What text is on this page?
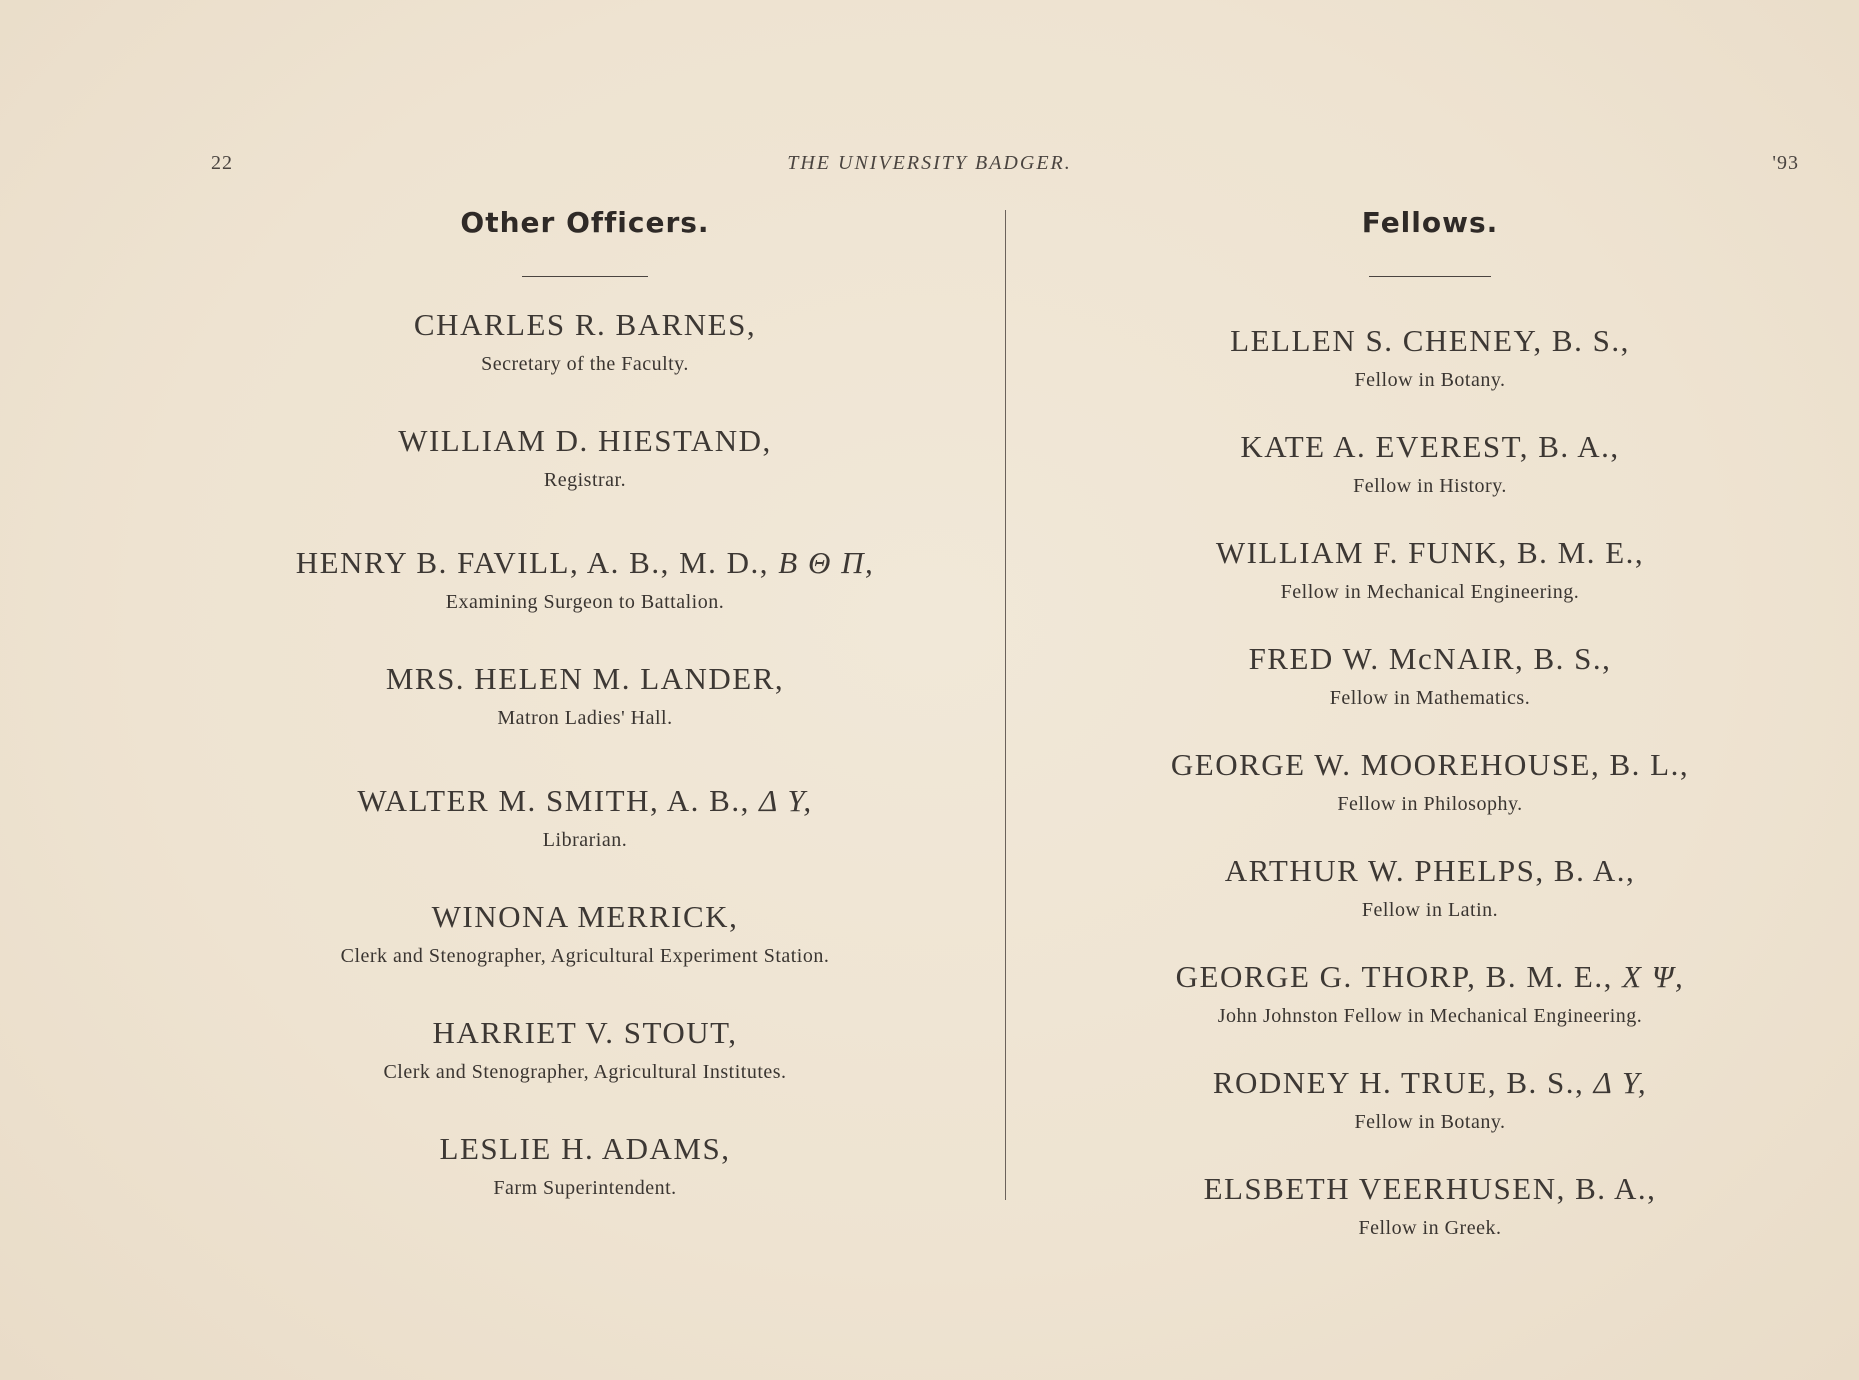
22	THE UNIVERSITY BADGER.	'93
Other Officers.
CHARLES R. BARNES,
Secretary of the Faculty.
WILLIAM D. HIESTAND,
Registrar.
HENRY B. FAVILL, A. B., M. D., B Θ Π,
Examining Surgeon to Battalion.
MRS. HELEN M. LANDER,
Matron Ladies' Hall.
WALTER M. SMITH, A. B., Δ Υ,
Librarian.
WINONA MERRICK,
Clerk and Stenographer, Agricultural Experiment Station.
HARRIET V. STOUT,
Clerk and Stenographer, Agricultural Institutes.
LESLIE H. ADAMS,
Farm Superintendent.
Fellows.
LELLEN S. CHENEY, B. S.,
Fellow in Botany.
KATE A. EVEREST, B. A.,
Fellow in History.
WILLIAM F. FUNK, B. M. E.,
Fellow in Mechanical Engineering.
FRED W. McNAIR, B. S.,
Fellow in Mathematics.
GEORGE W. MOOREHOUSE, B. L.,
Fellow in Philosophy.
ARTHUR W. PHELPS, B. A.,
Fellow in Latin.
GEORGE G. THORP, B. M. E., Χ Ψ,
John Johnston Fellow in Mechanical Engineering.
RODNEY H. TRUE, B. S., Δ Υ,
Fellow in Botany.
ELSBETH VEERHUSEN, B. A.,
Fellow in Greek.
